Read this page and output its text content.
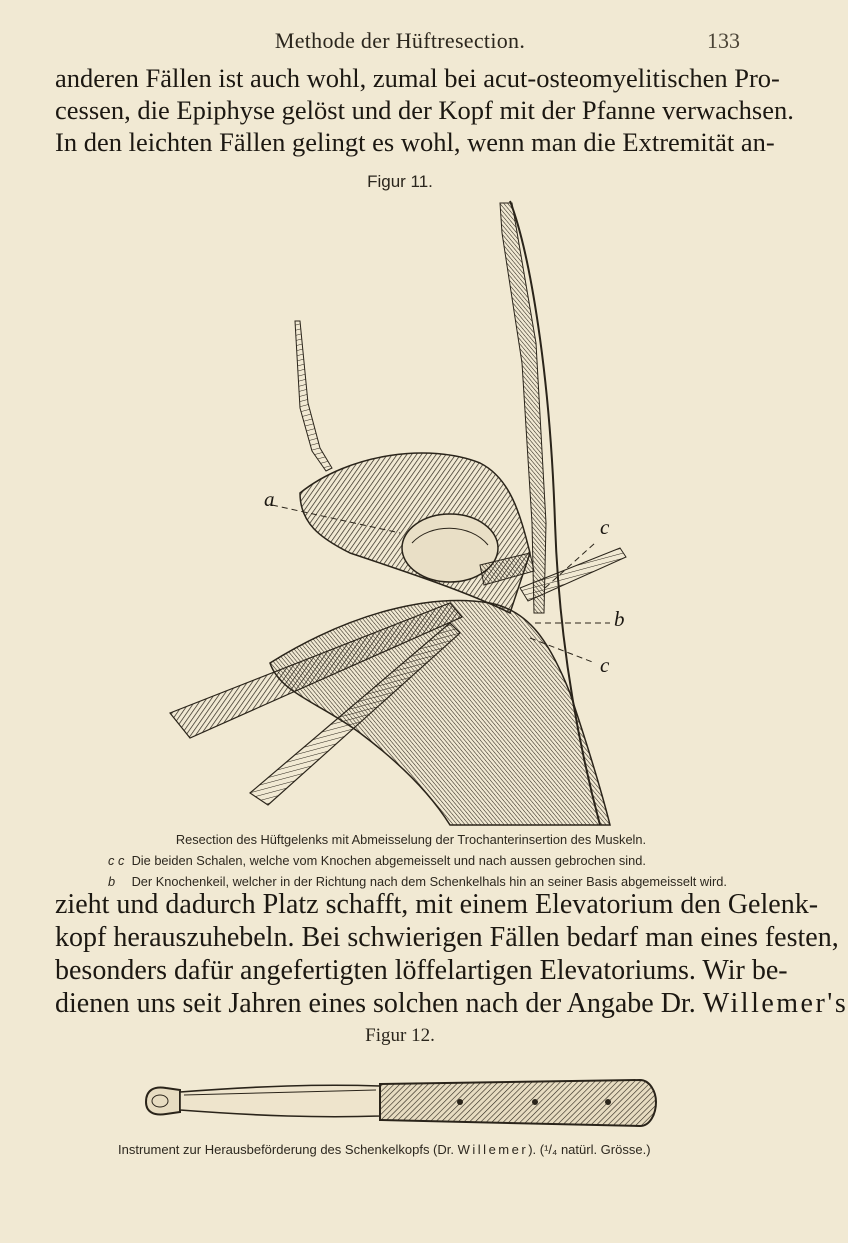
Methode der Hüftresection.	133
anderen Fällen ist auch wohl, zumal bei acut-osteomyelitischen Pro-
cessen, die Epiphyse gelöst und der Kopf mit der Pfanne verwachsen.
In den leichten Fällen gelingt es wohl, wenn man die Extremität an-
Figur 11.
a
c
b
c
Resection des Hüftgelenks mit Abmeisselung der Trochanterinsertion des Muskeln.
c c Die beiden Schalen, welche vom Knochen abgemeisselt und nach aussen gebrochen sind.
b Der Knochenkeil, welcher in der Richtung nach dem Schenkelhals hin an seiner Basis abgemeisselt wird.
zieht und dadurch Platz schafft, mit einem Elevatorium den Gelenk-
kopf herauszuhebeln. Bei schwierigen Fällen bedarf man eines festen,
besonders dafür angefertigten löffelartigen Elevatoriums. Wir be-
dienen uns seit Jahren eines solchen nach der Angabe Dr. Willemer's
Figur 12.
Instrument zur Herausbeförderung des Schenkelkopfs (Dr. Willemer). (¹/₄ natürl. Grösse.)
